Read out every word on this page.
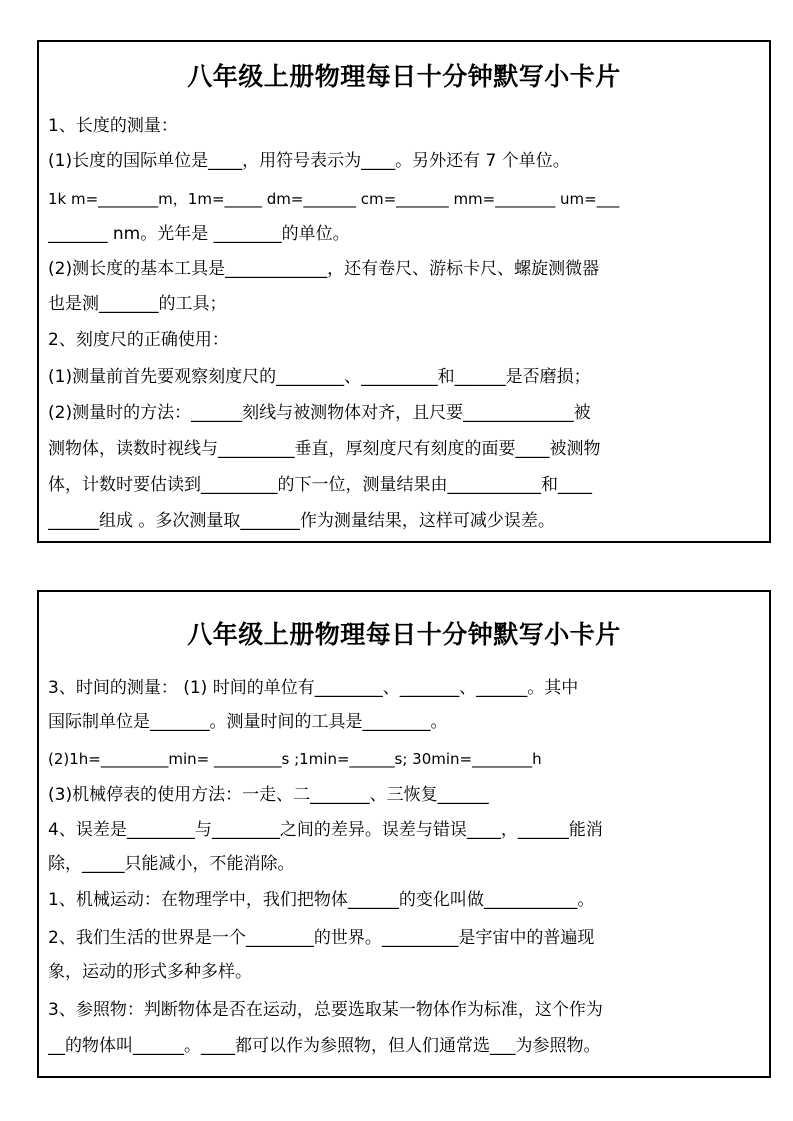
八年级上册物理每日十分钟默写小卡片
1、长度的测量：
(1)长度的国际单位是____，用符号表示为____。另外还有 7 个单位。
1k m=________m，1m=_____ dm=_______ cm=_______ mm=________ um=___
_______ nm。光年是 ________的单位。
(2)测长度的基本工具是____________，还有卷尺、游标卡尺、螺旋测微器
也是测_______的工具；
2、刻度尺的正确使用：
(1)测量前首先要观察刻度尺的________、_________和______是否磨损；
(2)测量时的方法：______刻线与被测物体对齐，且尺要_____________被
测物体，读数时视线与_________垂直，厚刻度尺有刻度的面要____被测物
体，计数时要估读到_________的下一位，测量结果由___________和____
______组成 。多次测量取_______作为测量结果，这样可减少误差。
八年级上册物理每日十分钟默写小卡片
3、时间的测量： (1) 时间的单位有________、_______、______。其中
国际制单位是_______。测量时间的工具是________。
(2)1h=_________min= _________s ;1min=______s; 30min=________h
(3)机械停表的使用方法：一走、二_______、三恢复______
4、误差是________与________之间的差异。误差与错误____，______能消
除，_____只能减小，不能消除。
1、机械运动：在物理学中，我们把物体______的变化叫做___________。
2、我们生活的世界是一个________的世界。_________是宇宙中的普遍现
象，运动的形式多种多样。
3、参照物：判断物体是否在运动，总要选取某一物体作为标准，这个作为
__的物体叫______。____都可以作为参照物，但人们通常选___为参照物。
